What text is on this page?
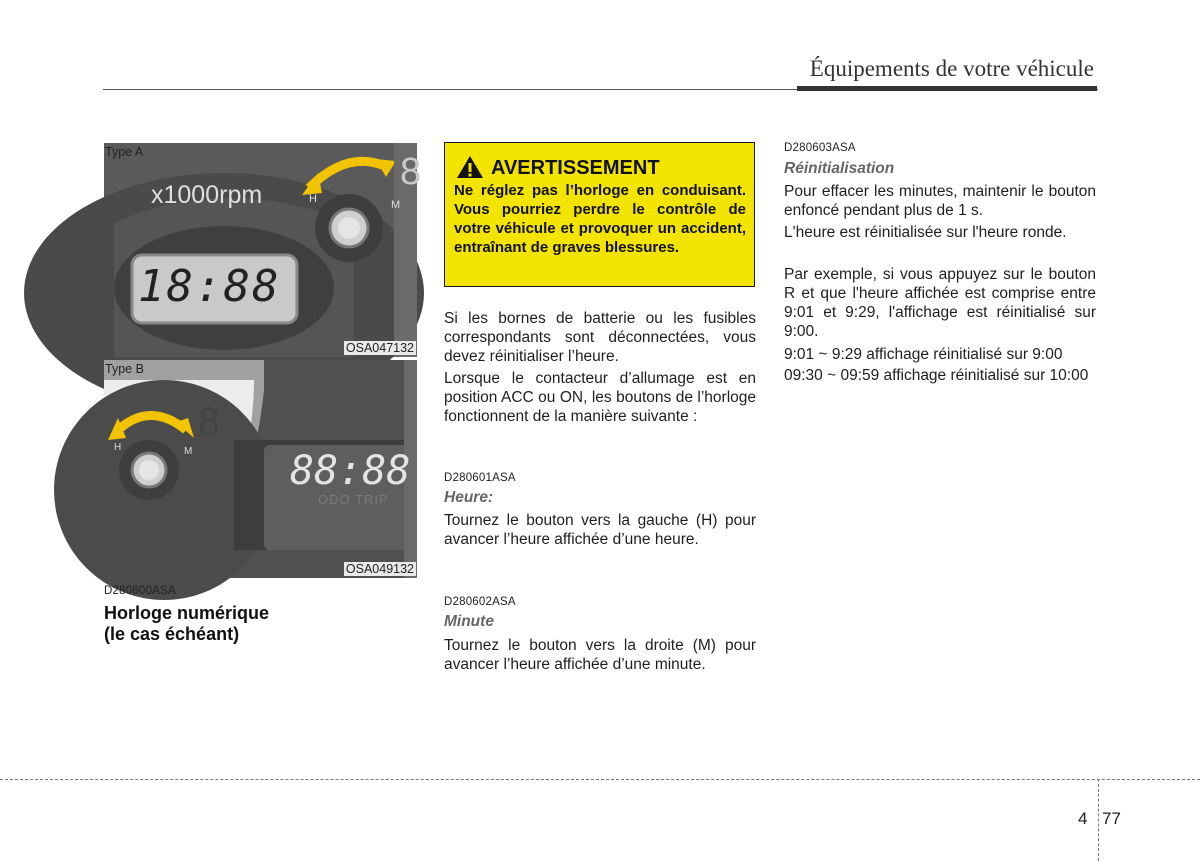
Équipements de votre véhicule
Type A
x1000rpm
18:88
H	M
8
OSA047132
Type B
88:88
ODO TRIP
H	M
8
OSA049132
D280600ASA
Horloge numérique
(le cas échéant)
AVERTISSEMENT
Ne réglez pas l’horloge en conduisant. Vous pourriez perdre le contrôle de votre véhicule et provoquer un accident, entraînant de graves blessures.
Si les bornes de batterie ou les fusibles correspondants sont déconnectées, vous devez réinitialiser l’heure.
Lorsque le contacteur d’allumage est en position ACC ou ON, les boutons de l’horloge fonctionnent de la manière suivante :
D280601ASA
Heure:
Tournez le bouton vers la gauche (H) pour avancer l’heure affichée d’une heure.
D280602ASA
Minute
Tournez le bouton vers la droite (M) pour avancer l’heure affichée d’une minute.
D280603ASA
Réinitialisation
Pour effacer les minutes, maintenir le bouton enfoncé pendant plus de 1 s.
L'heure est réinitialisée sur l'heure ronde.
Par exemple, si vous appuyez sur le bouton R et que l'heure affichée est comprise entre 9:01 et 9:29, l'affichage est réinitialisé sur 9:00.
9:01 ~ 9:29 affichage réinitialisé sur 9:00
09:30 ~ 09:59 affichage réinitialisé sur 10:00
4 77
